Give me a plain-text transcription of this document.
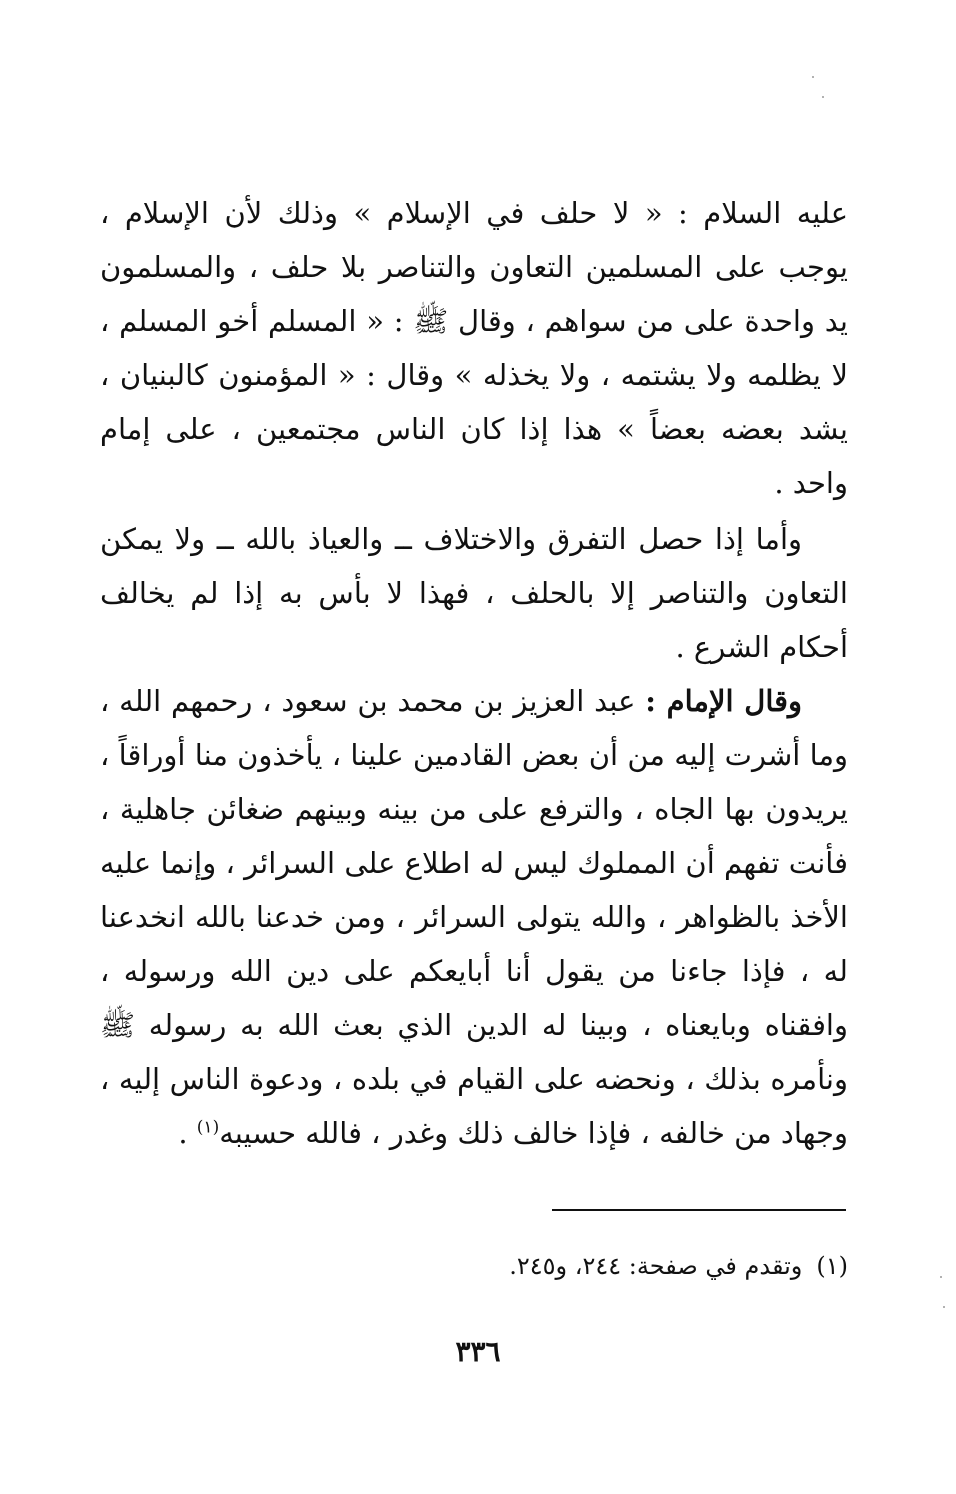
عليه السلام : « لا حلف في الإسلام » وذلك لأن الإسلام ، يوجب على المسلمين التعاون والتناصر بلا حلف ، والمسلمون يد واحدة على من سواهم ، وقال ﷺ : « المسلم أخو المسلم ، لا يظلمه ولا يشتمه ، ولا يخذله » وقال : « المؤمنون كالبنيان ، يشد بعضه بعضاً » هذا إذا كان الناس مجتمعين ، على إمام واحد .

وأما إذا حصل التفرق والاختلاف ــ والعياذ بالله ــ ولا يمكن التعاون والتناصر إلا بالحلف ، فهذا لا بأس به إذا لم يخالف أحكام الشرع .

وقال الإمام : عبد العزيز بن محمد بن سعود ، رحمهم الله ، وما أشرت إليه من أن بعض القادمين علينا ، يأخذون منا أوراقاً ، يريدون بها الجاه ، والترفع على من بينه وبينهم ضغائن جاهلية ، فأنت تفهم أن المملوك ليس له اطلاع على السرائر ، وإنما عليه الأخذ بالظواهر ، والله يتولى السرائر ، ومن خدعنا بالله انخدعنا له ، فإذا جاءنا من يقول أنا أبايعكم على دين الله ورسوله ، وافقناه وبايعناه ، وبينا له الدين الذي بعث الله به رسوله ﷺ ونأمره بذلك ، ونحضه على القيام في بلده ، ودعوة الناس إليه ، وجهاد من خالفه ، فإذا خالف ذلك وغدر ، فالله حسيبه$^{(١)}$ .

(١)وتقدم في صفحة: ٢٤٤، و٢٤٥.
٣٣٦
